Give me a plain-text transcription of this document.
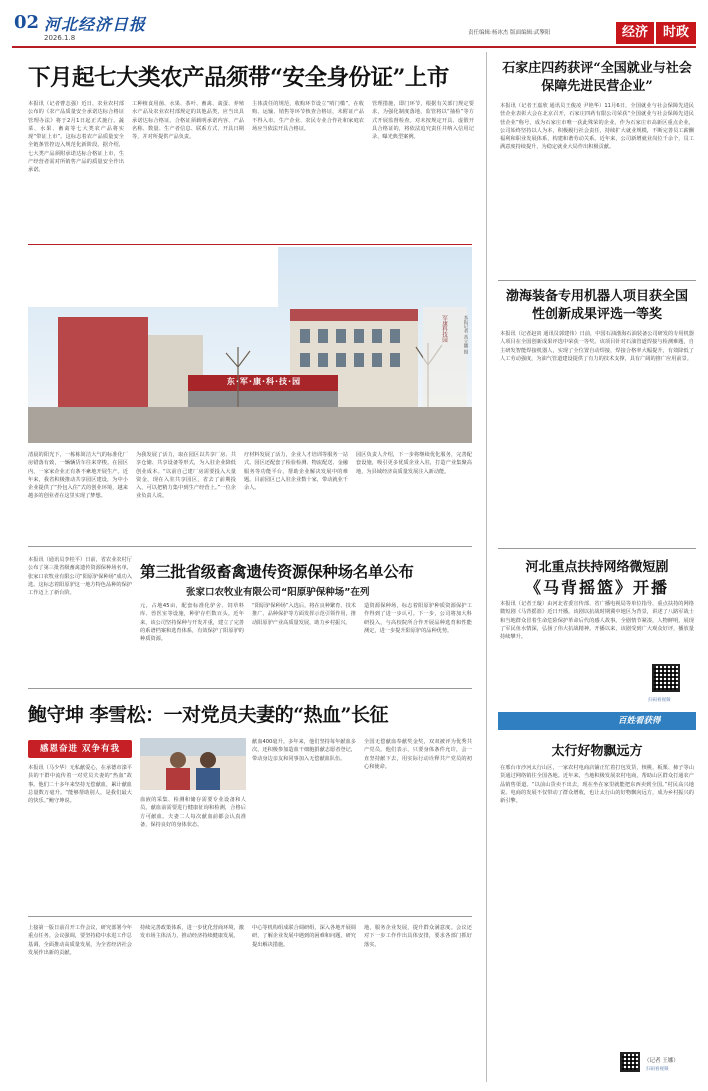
02 河北经济日报
2026.1.8
责任编辑:杨冰杰 版面编辑:武擎阳	经济	时政
下月起七大类农产品须带“安全身份证”上市
本报讯（记者曹志强）近日，农业农村部公布的《农产品质量安全承诺达标合格证管理办法》将于2月1日起正式施行。蔬菜、水果、畜禽等七大类农产品将实现“带证上市”。这标志着农产品质量安全全链条管控迈入规范化新阶段。据介绍，七大类产品须附承诺达标合格证上市，生产经营者需对所销售产品的质量安全作出承诺。
工种植食用菌、水果、茶叶、畜禽、禽蛋、养殖水产品及农业农村部规定的其他品类，应当出具承诺达标合格证。合格证须载明承诺内容、产品名称、数量、生产者信息、联系方式、开具日期等，并对所提供产品负责。
主体责任的规范，收购环节设立“哨门槛”，在收购、运输、销售等环节核查合格证，未附证产品不得入市。生产企业、农民专业合作社和家庭农场应当依法开具合格证。
管理措施，即门环节，根据有关部门规定要求，为强化制度落地，监管将以“抽检”等方式开展监督检查。对未按规定开具、虚假开具合格证的，将依法追究责任并纳入信用记录，曝光典型案例。
东·军·康·科·技·园
军康科技园	本报记者 高立鹏 摄
清晨的阳光下，一栋栋简洁大气的标准化厂房错落有致，一辆辆货车往来穿梭。在园区内，一家家企业正有条不紊地开展生产。近年来，我省积极推动共享园区建设，为中小企业提供了“拎包入住”式的创业环境，越来越多的创业者在这里实现了梦想。
为我发展了活力，取在园区以共享厂房、共享仓储、共享设备等形式，为入驻企业降低创业成本。“以前自己建厂房需要投入大量资金，现在入驻共享园区，省去了前期投入，可以把精力集中到生产经营上。”一位企业负责人说。
疗材料发展了活力，企业人才培训等服务一站式。园区还配套了检验检测、物流配送、金融服务等功能平台，帮助企业解决发展中的难题。目前园区已入驻企业数十家，带动就业千余人。
园区负责人介绍，下一步将继续优化服务，完善配套设施，吸引更多优质企业入驻，打造产业集聚高地，为县域经济高质量发展注入新动能。
本报讯（通讯员李桂平）日前，省农业农村厅公布了第三批省级畜禽遗传资源保种场名单，张家口农牧业有限公司“阳原驴保种场”成功入选。这标志着阳原驴这一地方特色品种的保护工作迈上了新台阶。
第三批省级畜禽遗传资源保种场名单公布
张家口农牧业有限公司“阳原驴保种场”在列
元，占地45亩，配套标准化驴舍、饲草料库、兽医室等设施，种驴存栏数百头。近年来，该公司坚持保种与开发并重，建立了完善的系谱档案和选育体系，有效保护了阳原驴的种质资源。
“阳原驴保种场”入选后，将在良种繁育、技术推广、品种保护等方面发挥示范引领作用，推动阳原驴产业高质量发展，助力乡村振兴。
造资源保种场，标志着阳原驴种质资源保护工作得到了进一步认可。下一步，公司将加大科研投入，与高校院所合作开展品种选育和性能测定，进一步提升阳原驴的品种优势。
鲍守坤 李雪松：一对党员夫妻的“热血”长征
感恩奋进 双争有我
本报讯（马少华）无私献爱心，在承德市滦平县的干群中流传着一对党员夫妻的“热血”故事。他们二十多年来坚持无偿献血，累计献血总量数万毫升。“能够帮助别人，是我们最大的快乐。”鲍守坤说。	血液的采集、检测和储存需要专业设备和人员。献血前需要进行健康征询和检测，合格后方可献血。夫妻二人每次献血前都会认真准备，保持良好的身体状态。
献血400毫升。多年来，他们坚持每年献血多次，还积极参加造血干细胞捐献志愿者登记，带动身边亲友和同事加入无偿献血队伍。
全国无偿献血奉献奖金奖，双双被评为优秀共产党员。他们表示，只要身体条件允许，会一直坚持献下去，用实际行动诠释共产党员的初心和使命。
上接第一版日前召开工作会议，研究部署今年重点任务。会议强调，要坚持稳中求进工作总基调，全面推动高质量发展，为全省经济社会发展作出新的贡献。
持续完善政策体系，进一步优化营商环境，激发市场主体活力，推动经济持续健康发展。
中心等机构组成联合调研组，深入各地开展调研，了解企业发展中遇到的困难和问题，研究提出解决措施。
地，服务企业发展，提升群众满意度。会议还对下一步工作作出具体安排，要求各部门抓好落实。
石家庄四药获评“全国就业与社会保障先进民营企业”
本报讯（记者王嘉欣 通讯员王俊凌 尹艳华）11月6日，全国就业与社会保障先进民营企业表彰大会在北京召开，石家庄四药有限公司荣获“全国就业与社会保障先进民营企业”称号，成为石家庄市唯一获此殊荣的企业。作为石家庄市高新区重点企业，公司始终坚持以人为本，积极履行社会责任，持续扩大就业规模，不断完善员工薪酬福利和职业发展体系，构建和谐劳动关系。近年来，公司新增就业岗位千余个，员工满意度持续提升，为稳定就业大局作出积极贡献。
渤海装备专用机器人项目获全国性创新成果评选一等奖
本报讯（记者赵寅 通讯员郭建伟）日前，中国石油渤海石油装备公司研发的专用机器人项目在全国创新成果评选中荣获一等奖。该项目针对石油管道焊接与检测难题，自主研发智能焊接机器人，实现了全位置自动焊接，焊接合格率大幅提升，有效降低了人工劳动强度，为油气管道建设提供了有力的技术支撑，具有广阔的推广应用前景。
河北重点扶持网络微短剧
《马背摇篮》开播
本报讯（记者王璇）由河北省委宣传部、省广播电视局等单位指导，重点扶持的网络微短剧《马背摇篮》近日开播。该剧以抗战时期冀中地区为背景，讲述了八路军战士和当地群众冒着生命危险保护革命后代的感人故事。全剧情节紧凑，人物鲜明，展现了军民鱼水情深，弘扬了伟大抗战精神。开播以来，该剧受到广大观众好评，播放量持续攀升。
扫码看视频
百姓看获得
太行好物飘远方
在邢台市沙河太行山区，一家农村电商店铺正忙着打包发货，核桃、板栗、柿子等山货通过网络销往全国各地。近年来，当地积极发展农村电商，帮助山区群众打通农产品销售渠道。“以前山货卖不出去，现在坐在家里就能把东西卖到全国。”村民高兴地说。电商的发展不仅带动了群众增收，也让太行山的好物飘向远方，成为乡村振兴的新引擎。
（记者 王娜）
扫码看视频
